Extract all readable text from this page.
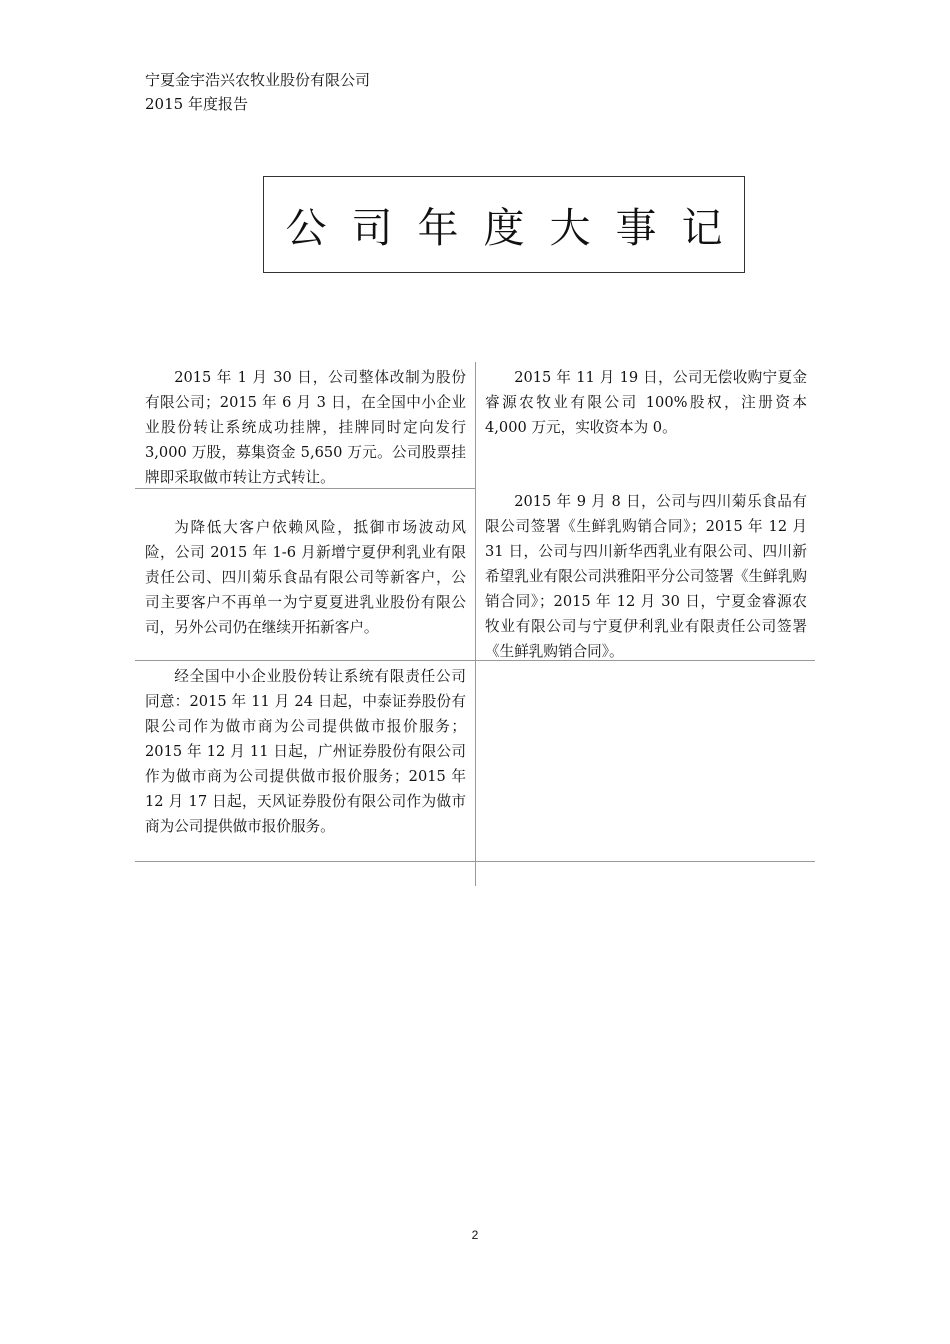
宁夏金宇浩兴农牧业股份有限公司
2015 年度报告
公司年度大事记

2015 年 1 月 30 日，公司整体改制为股份有限公司；2015 年 6 月 3 日，在全国中小企业业股份转让系统成功挂牌，挂牌同时定向发行 3,000 万股，募集资金 5,650 万元。公司股票挂牌即采取做市转让方式转让。

2015 年 11 月 19 日，公司无偿收购宁夏金睿源农牧业有限公司 100%股权，注册资本 4,000 万元，实收资本为 0。

为降低大客户依赖风险，抵御市场波动风险，公司 2015 年 1-6 月新增宁夏伊利乳业有限责任公司、四川菊乐食品有限公司等新客户，公司主要客户不再单一为宁夏夏进乳业股份有限公司，另外公司仍在继续开拓新客户。

2015 年 9 月 8 日，公司与四川菊乐食品有限公司签署《生鲜乳购销合同》；2015 年 12 月 31 日，公司与四川新华西乳业有限公司、四川新希望乳业有限公司洪雅阳平分公司签署《生鲜乳购销合同》；2015 年 12 月 30 日，宁夏金睿源农牧业有限公司与宁夏伊利乳业有限责任公司签署《生鲜乳购销合同》。

经全国中小企业股份转让系统有限责任公司同意：2015 年 11 月 24 日起，中泰证券股份有限公司作为做市商为公司提供做市报价服务；2015 年 12 月 11 日起，广州证券股份有限公司作为做市商为公司提供做市报价服务；2015 年 12 月 17 日起，天风证券股份有限公司作为做市商为公司提供做市报价服务。

2
